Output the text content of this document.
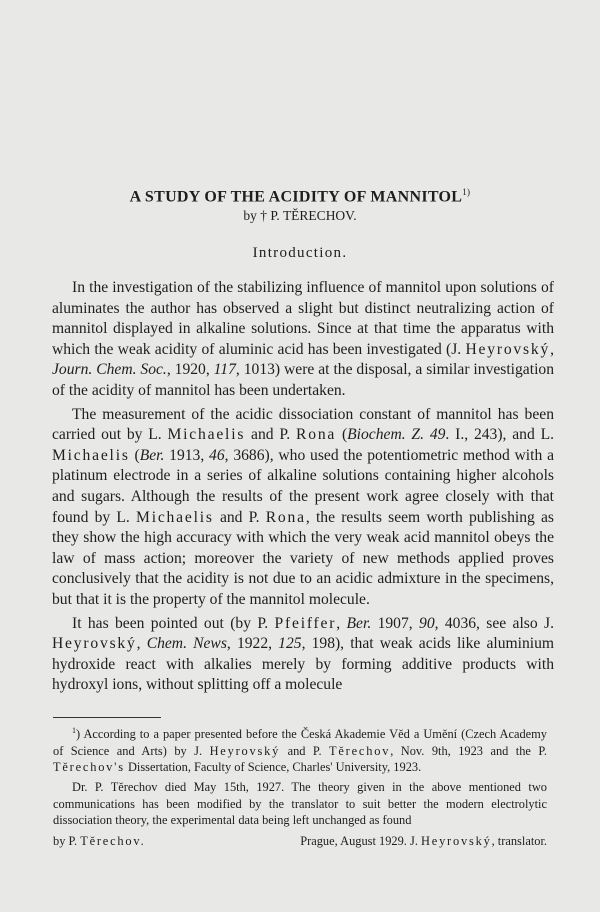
A STUDY OF THE ACIDITY OF MANNITOL$^{1)}$
by † P. TĚRECHOV.
Introduction.

In the investigation of the stabilizing influence of mannitol upon solutions of aluminates the author has observed a slight but distinct neutralizing action of mannitol displayed in alkaline solutions. Since at that time the apparatus with which the weak acidity of aluminic acid has been investigated (J. Heyrovský, Journ. Chem. Soc., 1920, 117, 1013) were at the disposal, a similar investigation of the acidity of mannitol has been undertaken.

The measurement of the acidic dissociation constant of mannitol has been carried out by L. Michaelis and P. Rona (Biochem. Z. 49. I., 243), and L. Michaelis (Ber. 1913, 46, 3686), who used the potentiometric method with a platinum electrode in a series of alkaline solutions containing higher alcohols and sugars. Although the results of the present work agree closely with that found by L. Michaelis and P. Rona, the results seem worth publishing as they show the high accuracy with which the very weak acid mannitol obeys the law of mass action; moreover the variety of new methods applied proves conclusively that the acidity is not due to an acidic admixture in the specimens, but that it is the property of the mannitol molecule.

It has been pointed out (by P. Pfeiffer, Ber. 1907, 90, 4036, see also J. Heyrovský, Chem. News, 1922, 125, 198), that weak acids like aluminium hydroxide react with alkalies merely by forming additive products with hydroxyl ions, without splitting off a molecule

$^1$) According to a paper presented before the Česká Akademie Věd a Umění (Czech Academy of Science and Arts) by J. Heyrovský and P. Těrechov, Nov. 9th, 1923 and the P. Těrechov's Dissertation, Faculty of Science, Charles' University, 1923.

Dr. P. Těrechov died May 15th, 1927. The theory given in the above mentioned two communications has been modified by the translator to suit better the modern electrolytic dissociation theory, the experimental data being left unchanged as found

by P. Těrechov.	Prague, August 1929. J. Heyrovský, translator.
